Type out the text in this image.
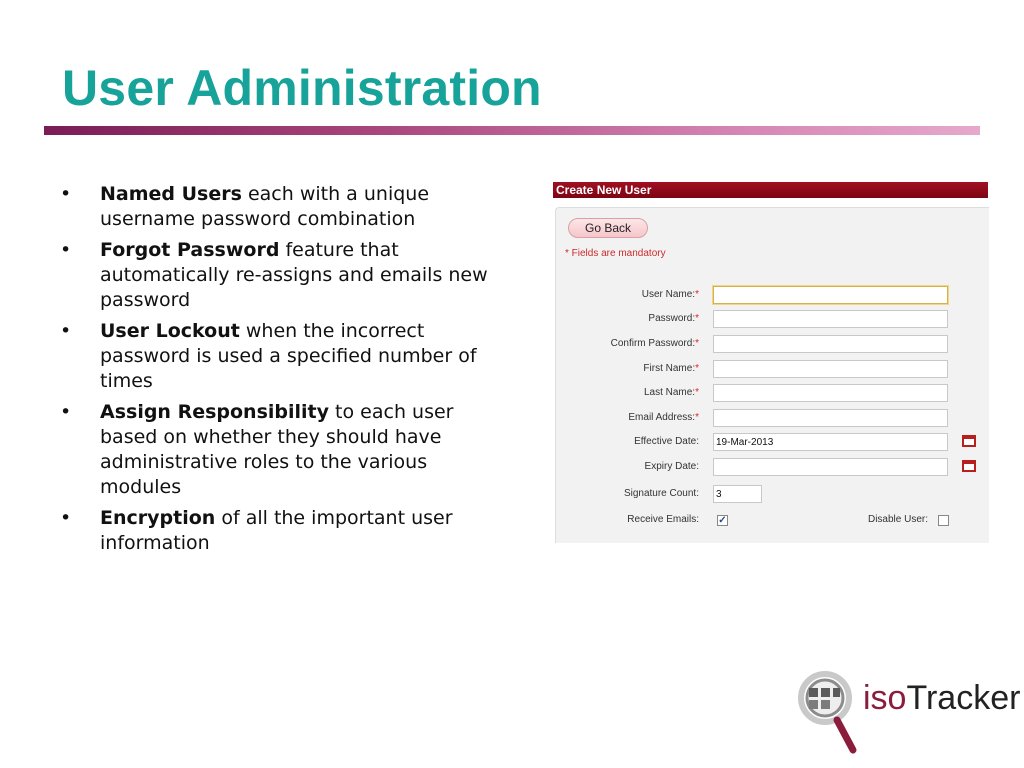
User Administration
• Named Users each with a unique username password combination
• Forgot Password feature that automatically re-assigns and emails new password
• User Lockout when the incorrect password is used a specified number of times
• Assign Responsibility to each user based on whether they should have administrative roles to the various modules
• Encryption of all the important user information
Create New User
Go Back
* Fields are mandatory
User Name:*
Password:*
Confirm Password:*
First Name:*
Last Name:*
Email Address:*
Effective Date:
19-Mar-2013
Expiry Date:
Signature Count:
3
Receive Emails: ✓	Disable User:
isoTracker
